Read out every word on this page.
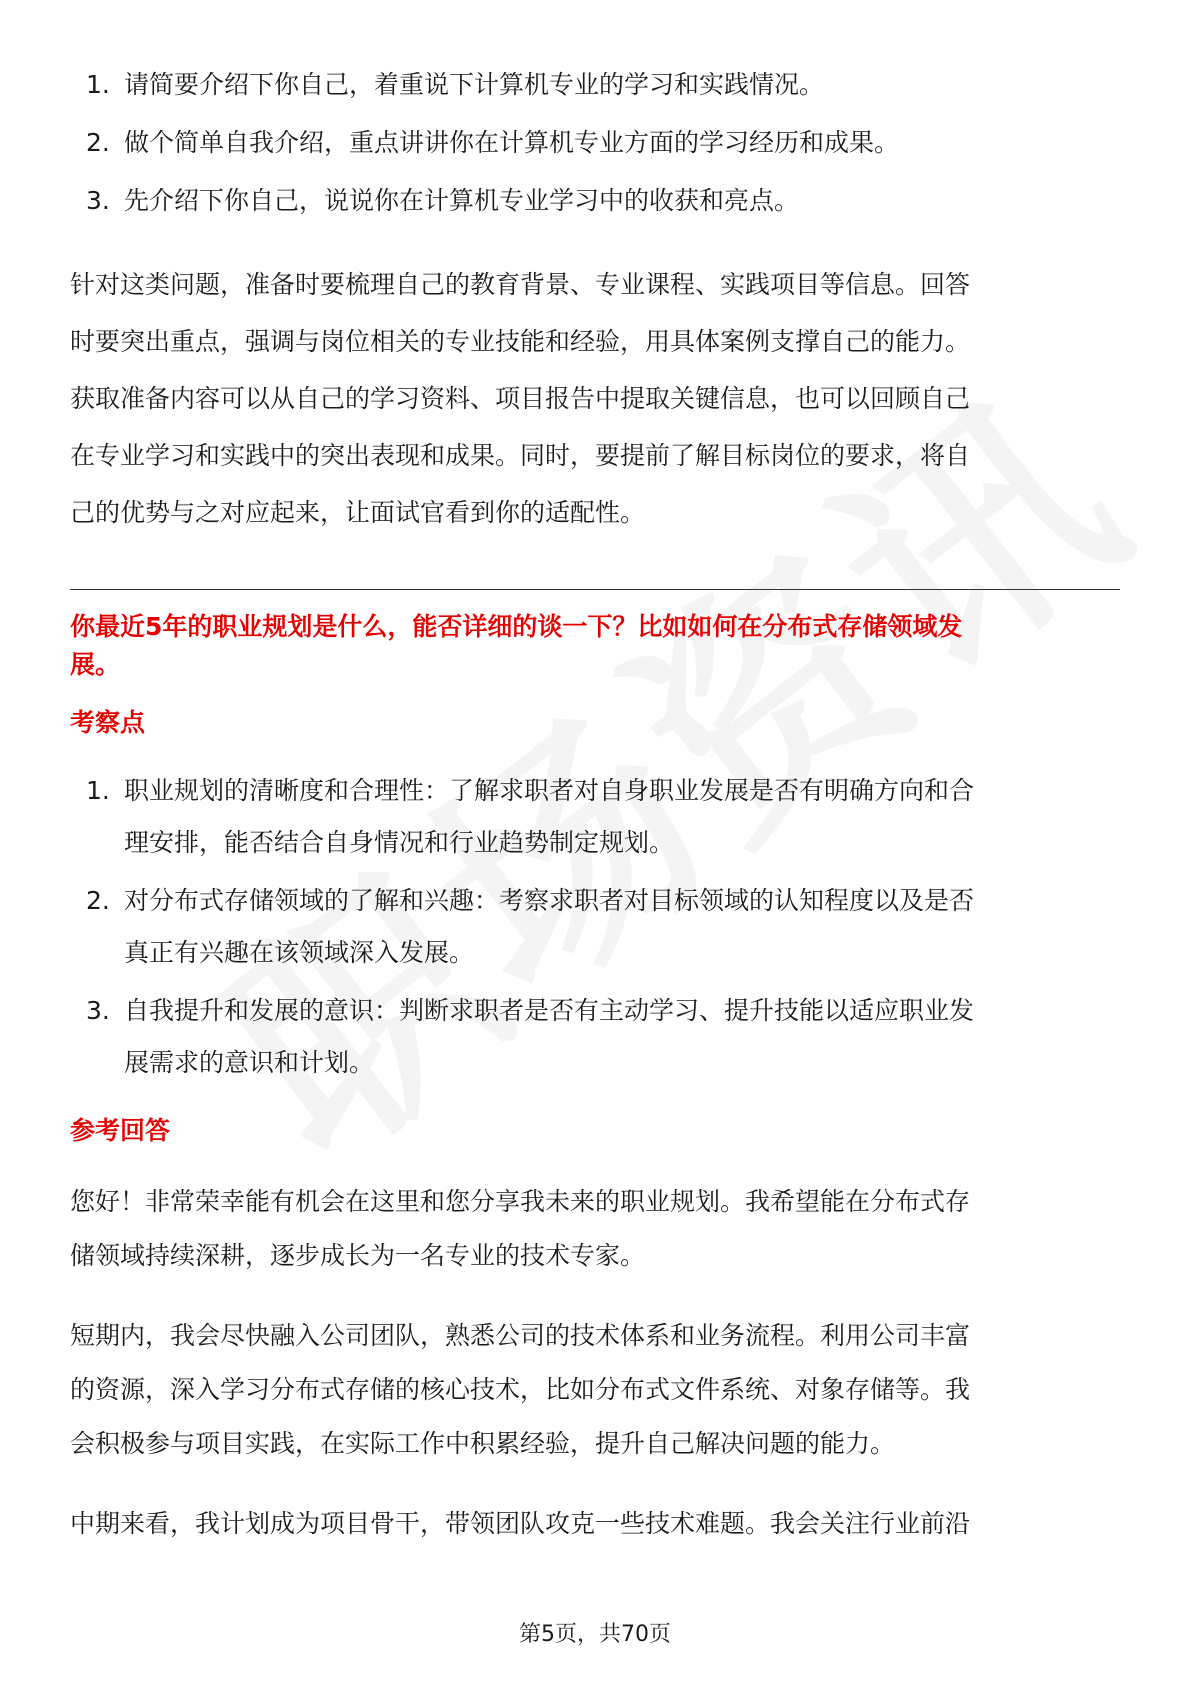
1. 请简要介绍下你自己，着重说下计算机专业的学习和实践情况。
2. 做个简单自我介绍，重点讲讲你在计算机专业方面的学习经历和成果。
3. 先介绍下你自己，说说你在计算机专业学习中的收获和亮点。

针对这类问题，准备时要梳理自己的教育背景、专业课程、实践项目等信息。回答

时要突出重点，强调与岗位相关的专业技能和经验，用具体案例支撑自己的能力。

获取准备内容可以从自己的学习资料、项目报告中提取关键信息，也可以回顾自己

在专业学习和实践中的突出表现和成果。同时，要提前了解目标岗位的要求，将自

己的优势与之对应起来，让面试官看到你的适配性。

你最近5年的职业规划是什么，能否详细的谈一下？比如如何在分布式存储领域发

展。

考察点

1. 职业规划的清晰度和合理性：了解求职者对自身职业发展是否有明确方向和合
理安排，能否结合自身情况和行业趋势制定规划。
2. 对分布式存储领域的了解和兴趣：考察求职者对目标领域的认知程度以及是否
真正有兴趣在该领域深入发展。
3. 自我提升和发展的意识：判断求职者是否有主动学习、提升技能以适应职业发
展需求的意识和计划。

参考回答

您好！非常荣幸能有机会在这里和您分享我未来的职业规划。我希望能在分布式存

储领域持续深耕，逐步成长为一名专业的技术专家。

短期内，我会尽快融入公司团队，熟悉公司的技术体系和业务流程。利用公司丰富

的资源，深入学习分布式存储的核心技术，比如分布式文件系统、对象存储等。我

会积极参与项目实践，在实际工作中积累经验，提升自己解决问题的能力。

中期来看，我计划成为项目骨干，带领团队攻克一些技术难题。我会关注行业前沿

第5页，共70页
